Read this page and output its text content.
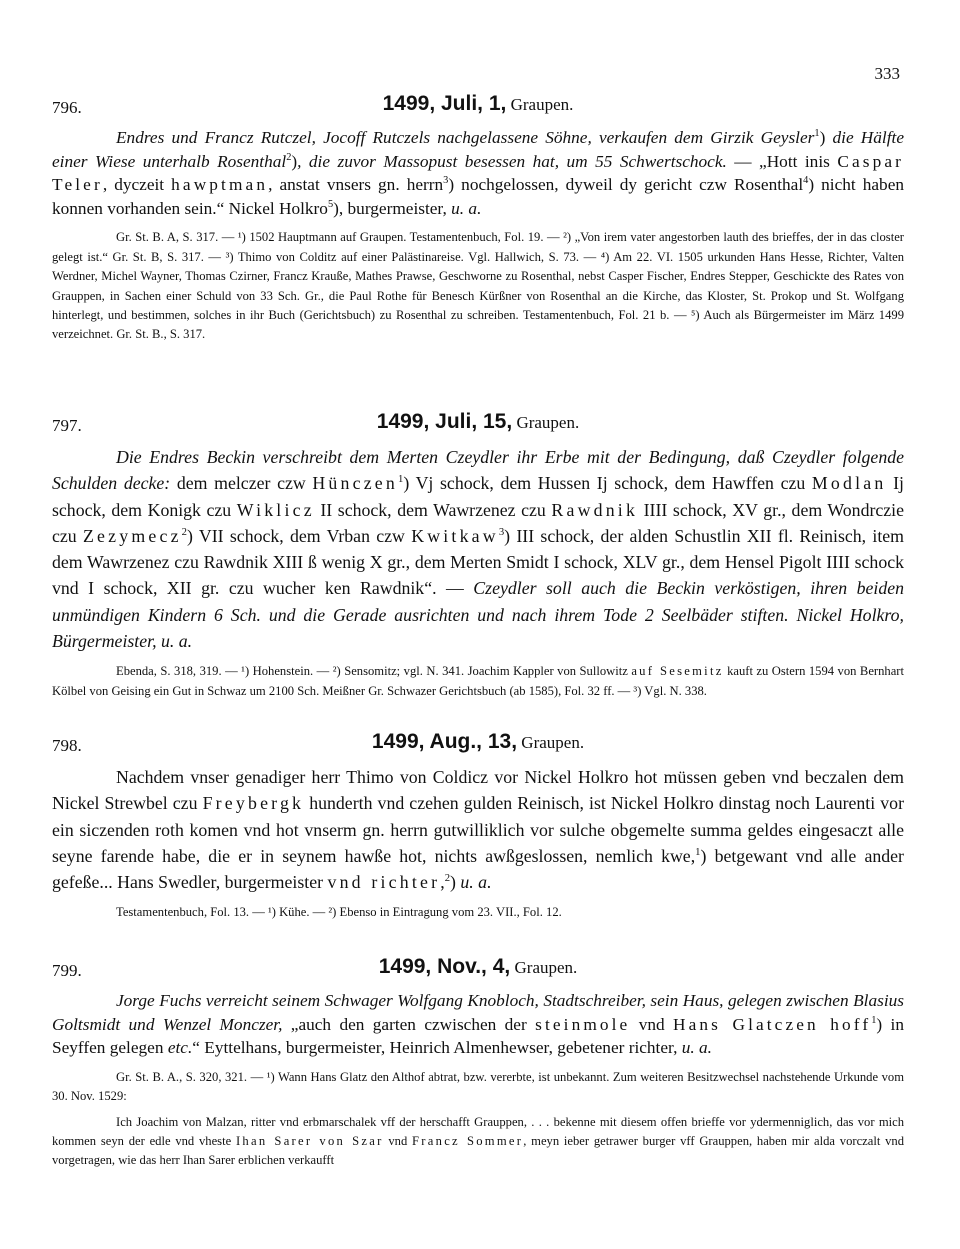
333
796.	1499, Juli, 1, Graupen.

Endres und Francz Rutczel, Jocoff Rutczels nachgelassene Söhne, verkaufen dem Girzik Geysler$^1$) die Hälfte einer Wiese unterhalb Rosenthal$^2$), die zuvor Massopust besessen hat, um 55 Schwertschock. — „Hott inis Caspar Teler, dyczeit hawptman, anstat vnsers gn. herrn$^3$) nochgelossen, dyweil dy gericht czw Rosenthal$^4$) nicht haben konnen vorhanden sein.“ Nickel Holkro$^5$), burgermeister, u. a.

Gr. St. B. A, S. 317. — ¹) 1502 Hauptmann auf Graupen. Testamentenbuch, Fol. 19. — ²) „Von irem vater angestorben lauth des brieffes, der in das closter gelegt ist.“ Gr. St. B, S. 317. — ³) Thimo von Colditz auf einer Palästinareise. Vgl. Hallwich, S. 73. — ⁴) Am 22. VI. 1505 urkunden Hans Hesse, Richter, Valten Werdner, Michel Wayner, Thomas Czirner, Francz Krauße, Mathes Prawse, Geschworne zu Rosenthal, nebst Casper Fischer, Endres Stepper, Geschickte des Rates von Grauppen, in Sachen einer Schuld von 33 Sch. Gr., die Paul Rothe für Benesch Kürßner von Rosenthal an die Kirche, das Kloster, St. Prokop und St. Wolfgang hinterlegt, und bestimmen, solches in ihr Buch (Gerichtsbuch) zu Rosenthal zu schreiben. Testamentenbuch, Fol. 21 b. — ⁵) Auch als Bürgermeister im März 1499 verzeichnet. Gr. St. B., S. 317.

797.	1499, Juli, 15, Graupen.

Die Endres Beckin verschreibt dem Merten Czeydler ihr Erbe mit der Bedingung, daß Czeydler folgende Schulden decke: dem melczer czw Hünczen$^1$) Vj schock, dem Hussen Ij schock, dem Hawffen czu Modlan Ij schock, dem Konigk czu Wiklicz II schock, dem Wawrzenez czu Rawdnik IIII schock, XV gr., dem Wondrczie czu Zezymecz$^2$) VII schock, dem Vrban czw Kwitkaw$^3$) III schock, der alden Schustlin XII fl. Reinisch, item dem Wawrzenez czu Rawdnik XIII ß wenig X gr., dem Merten Smidt I schock, XLV gr., dem Hensel Pigolt IIII schock vnd I schock, XII gr. czu wucher ken Rawdnik“. — Czeydler soll auch die Beckin verköstigen, ihren beiden unmündigen Kindern 6 Sch. und die Gerade ausrichten und nach ihrem Tode 2 Seelbäder stiften. Nickel Holkro, Bürgermeister, u. a.

Ebenda, S. 318, 319. — ¹) Hohenstein. — ²) Sensomitz; vgl. N. 341. Joachim Kappler von Sullowitz auf Sesemitz kauft zu Ostern 1594 von Bernhart Kölbel von Geising ein Gut in Schwaz um 2100 Sch. Meißner Gr. Schwazer Gerichtsbuch (ab 1585), Fol. 32 ff. — ³) Vgl. N. 338.

798.	1499, Aug., 13, Graupen.

Nachdem vnser genadiger herr Thimo von Coldicz vor Nickel Holkro hot müssen geben vnd beczalen dem Nickel Strewbel czu Freybergk hunderth vnd czehen gulden Reinisch, ist Nickel Holkro dinstag noch Laurenti vor ein siczenden roth komen vnd hot vnserm gn. herrn gutwilliklich vor sulche obgemelte summa geldes eingesaczt alle seyne farende habe, die er in seynem hawße hot, nichts awßgeslossen, nemlich kwe,$^1$) betgewant vnd alle ander gefeße... Hans Swedler, burgermeister vnd richter,$^2$) u. a.

Testamentenbuch, Fol. 13. — ¹) Kühe. — ²) Ebenso in Eintragung vom 23. VII., Fol. 12.

799.	1499, Nov., 4, Graupen.

Jorge Fuchs verreicht seinem Schwager Wolfgang Knobloch, Stadtschreiber, sein Haus, gelegen zwischen Blasius Goltsmidt und Wenzel Monczer, „auch den garten czwischen der steinmole vnd Hans Glatczen hoff$^1$) in Seyffen gelegen etc.“ Eyttelhans, burgermeister, Heinrich Almenhewser, gebetener richter, u. a.

Gr. St. B. A., S. 320, 321. — ¹) Wann Hans Glatz den Althof abtrat, bzw. vererbte, ist unbekannt. Zum weiteren Besitzwechsel nachstehende Urkunde vom 30. Nov. 1529:

Ich Joachim von Malzan, ritter vnd erbmarschalek vff der herschafft Grauppen, . . . bekenne mit diesem offen brieffe vor ydermenniglich, das vor mich kommen seyn der edle vnd vheste Ihan Sarer von Szar vnd Francz Sommer, meyn ieber getrawer burger vff Grauppen, haben mir alda vorczalt vnd vorgetragen, wie das herr Ihan Sarer erblichen verkaufft
